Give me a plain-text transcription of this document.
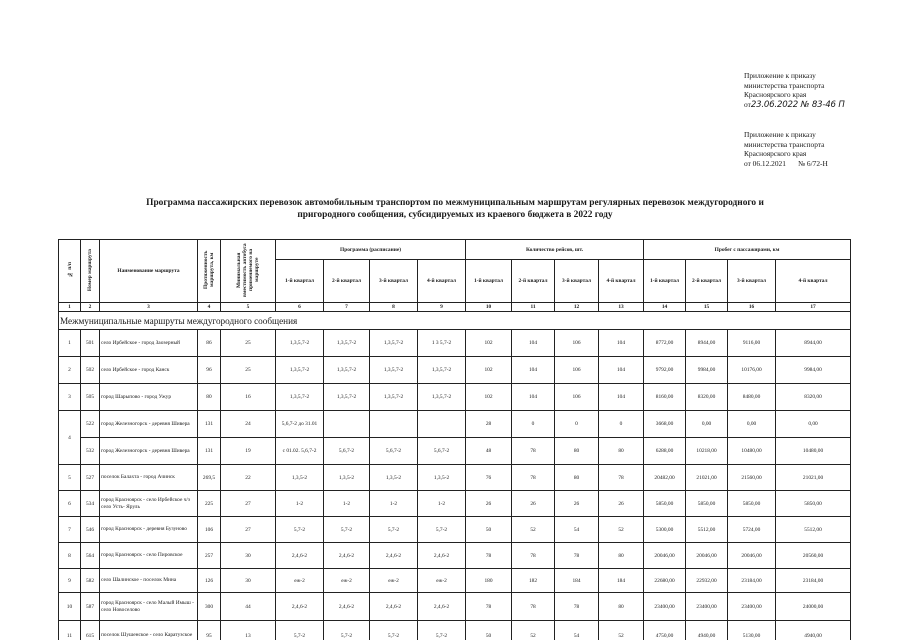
Приложение к приказу
министерства транспорта
Красноярского края
от23.06.2022 № 83-46 П
Приложение к приказу
министерства транспорта
Красноярского края
от 06.12.2021 № 6/72-Н
Программа пассажирских перевозок автомобильным транспортом по межмуниципальным маршрутам регулярных перевозок междугородного и
пригородного сообщения, субсидируемых из краевого бюджета в 2022 году
№ п/п	Номер маршрута	Наименование маршрута	Протяженность маршрута, км	Минимальная вместимость автобуса применяемого на маршруте	Программа (расписание)				Количество рейсов, шт.				Пробег с пассажирами, км			
					1-й квартал	2-й квартал	3-й квартал	4-й квартал	1-й квартал	2-й квартал	3-й квартал	4-й квартал	1-й квартал	2-й квартал	3-й квартал	4-й квартал
1	2	3	4	5	6	7	8	9	10	11	12	13	14	15	16	17
Межмуниципальные маршруты междугородного сообщения																
1	501	село Ирбейское - город Заозерный	86	25	1,3,5,7-2	1,3,5,7-2	1,3,5,7-2	1 3 5,7-2	102	104	106	104	8772,00	8944,00	9116,00	8944,00
2	502	село Ирбейское - город Канск	96	25	1,3,5,7-2	1,3,5,7-2	1,3,5,7-2	1,3,5,7-2	102	104	106	104	9792,00	9984,00	10176,00	9984,00
3	505	город Шарыпово - город Ужур	80	16	1,3,5,7-2	1,3,5,7-2	1,3,5,7-2	1,3,5,7-2	102	104	106	104	8160,00	8320,00	8480,00	8320,00
4	522	город Железногорск - деревня Шивера	131	24	5,6,7-2 до 31.01				28	0	0	0	3668,00	0,00	0,00	0,00
	532	город Железногорск - деревня Шивера	131	19	с 01.02. 5,6,7-2	5,6,7-2	5,6,7-2	5,6,7-2	48	78	80	80	6288,00	10218,00	10480,00	10480,00
5	527	поселок Балахта - город Ачинск	269,5	22	1,3,5-2	1,3,5-2	1,3,5-2	1,3,5-2	76	78	80	78	20482,00	21021,00	21560,00	21021,00
6	534	город Красноярск - село Ирбейское ч/з село Усть- Яруль	225	27	1-2	1-2	1-2	1-2	26	26	26	26	5850,00	5850,00	5850,00	5850,00
7	546	город Красноярск - деревня Бузуново	106	27	5,7-2	5,7-2	5,7-2	5,7-2	50	52	54	52	5300,00	5512,00	5724,00	5512,00
8	564	город Красноярск - село Пировское	257	30	2,4,6-2	2,4,6-2	2,4,6-2	2,4,6-2	78	78	78	80	20046,00	20046,00	20046,00	20560,00
9	582	село Шалинское - поселок Мина	126	30	еж-2	еж-2	еж-2	еж-2	180	182	184	184	22680,00	22932,00	23184,00	23184,00
10	587	город Красноярск - село Малый Имыш - село Новоселово	300	44	2,4,6-2	2,4,6-2	2,4,6-2	2,4,6-2	78	78	78	80	23400,00	23400,00	23400,00	24000,00
11	615	поселок Шушенское - село Каратузское	95	13	5,7-2	5,7-2	5,7-2	5,7-2	50	52	54	52	4750,00	4940,00	5130,00	4940,00
